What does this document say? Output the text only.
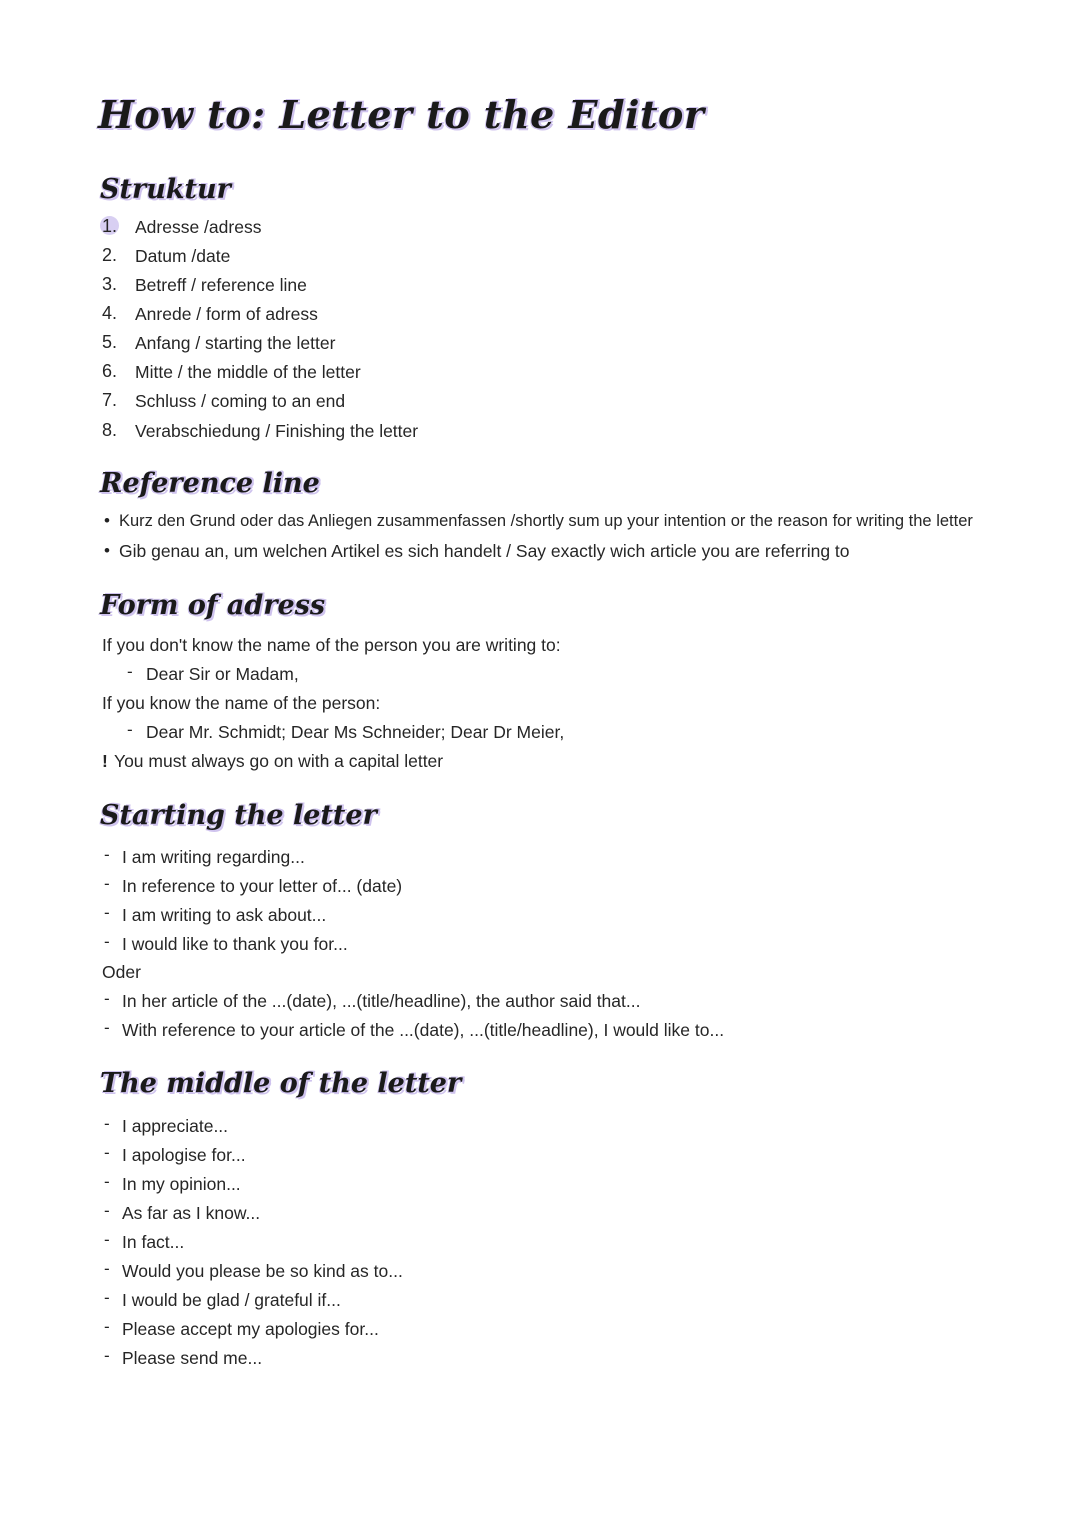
How to: Letter to the Editor
Struktur
1. Adresse /adress
2. Datum /date
3. Betreff / reference line
4. Anrede / form of adress
5. Anfang / starting the letter
6. Mitte / the middle of the letter
7. Schluss / coming to an end
8. Verabschiedung / Finishing the letter
Reference line
• Kurz den Grund oder das Anliegen zusammenfassen /shortly sum up your intention or the reason for writing the letter
• Gib genau an, um welchen Artikel es sich handelt / Say exactly wich article you are referring to
Form of adress
If you don't know the name of the person you are writing to:
- Dear Sir or Madam,
If you know the name of the person:
- Dear Mr. Schmidt; Dear Ms Schneider; Dear Dr Meier,
! You must always go on with a capital letter
Starting the letter
- I am writing regarding...
- In reference to your letter of... (date)
- I am writing to ask about...
- I would like to thank you for...
Oder
- In her article of the ...(date), ...(title/headline), the author said that...
- With reference to your article of the ...(date), ...(title/headline), I would like to...
The middle of the letter
- I appreciate...
- I apologise for...
- In my opinion...
- As far as I know...
- In fact...
- Would you please be so kind as to...
- I would be glad / grateful if...
- Please accept my apologies for...
- Please send me...
